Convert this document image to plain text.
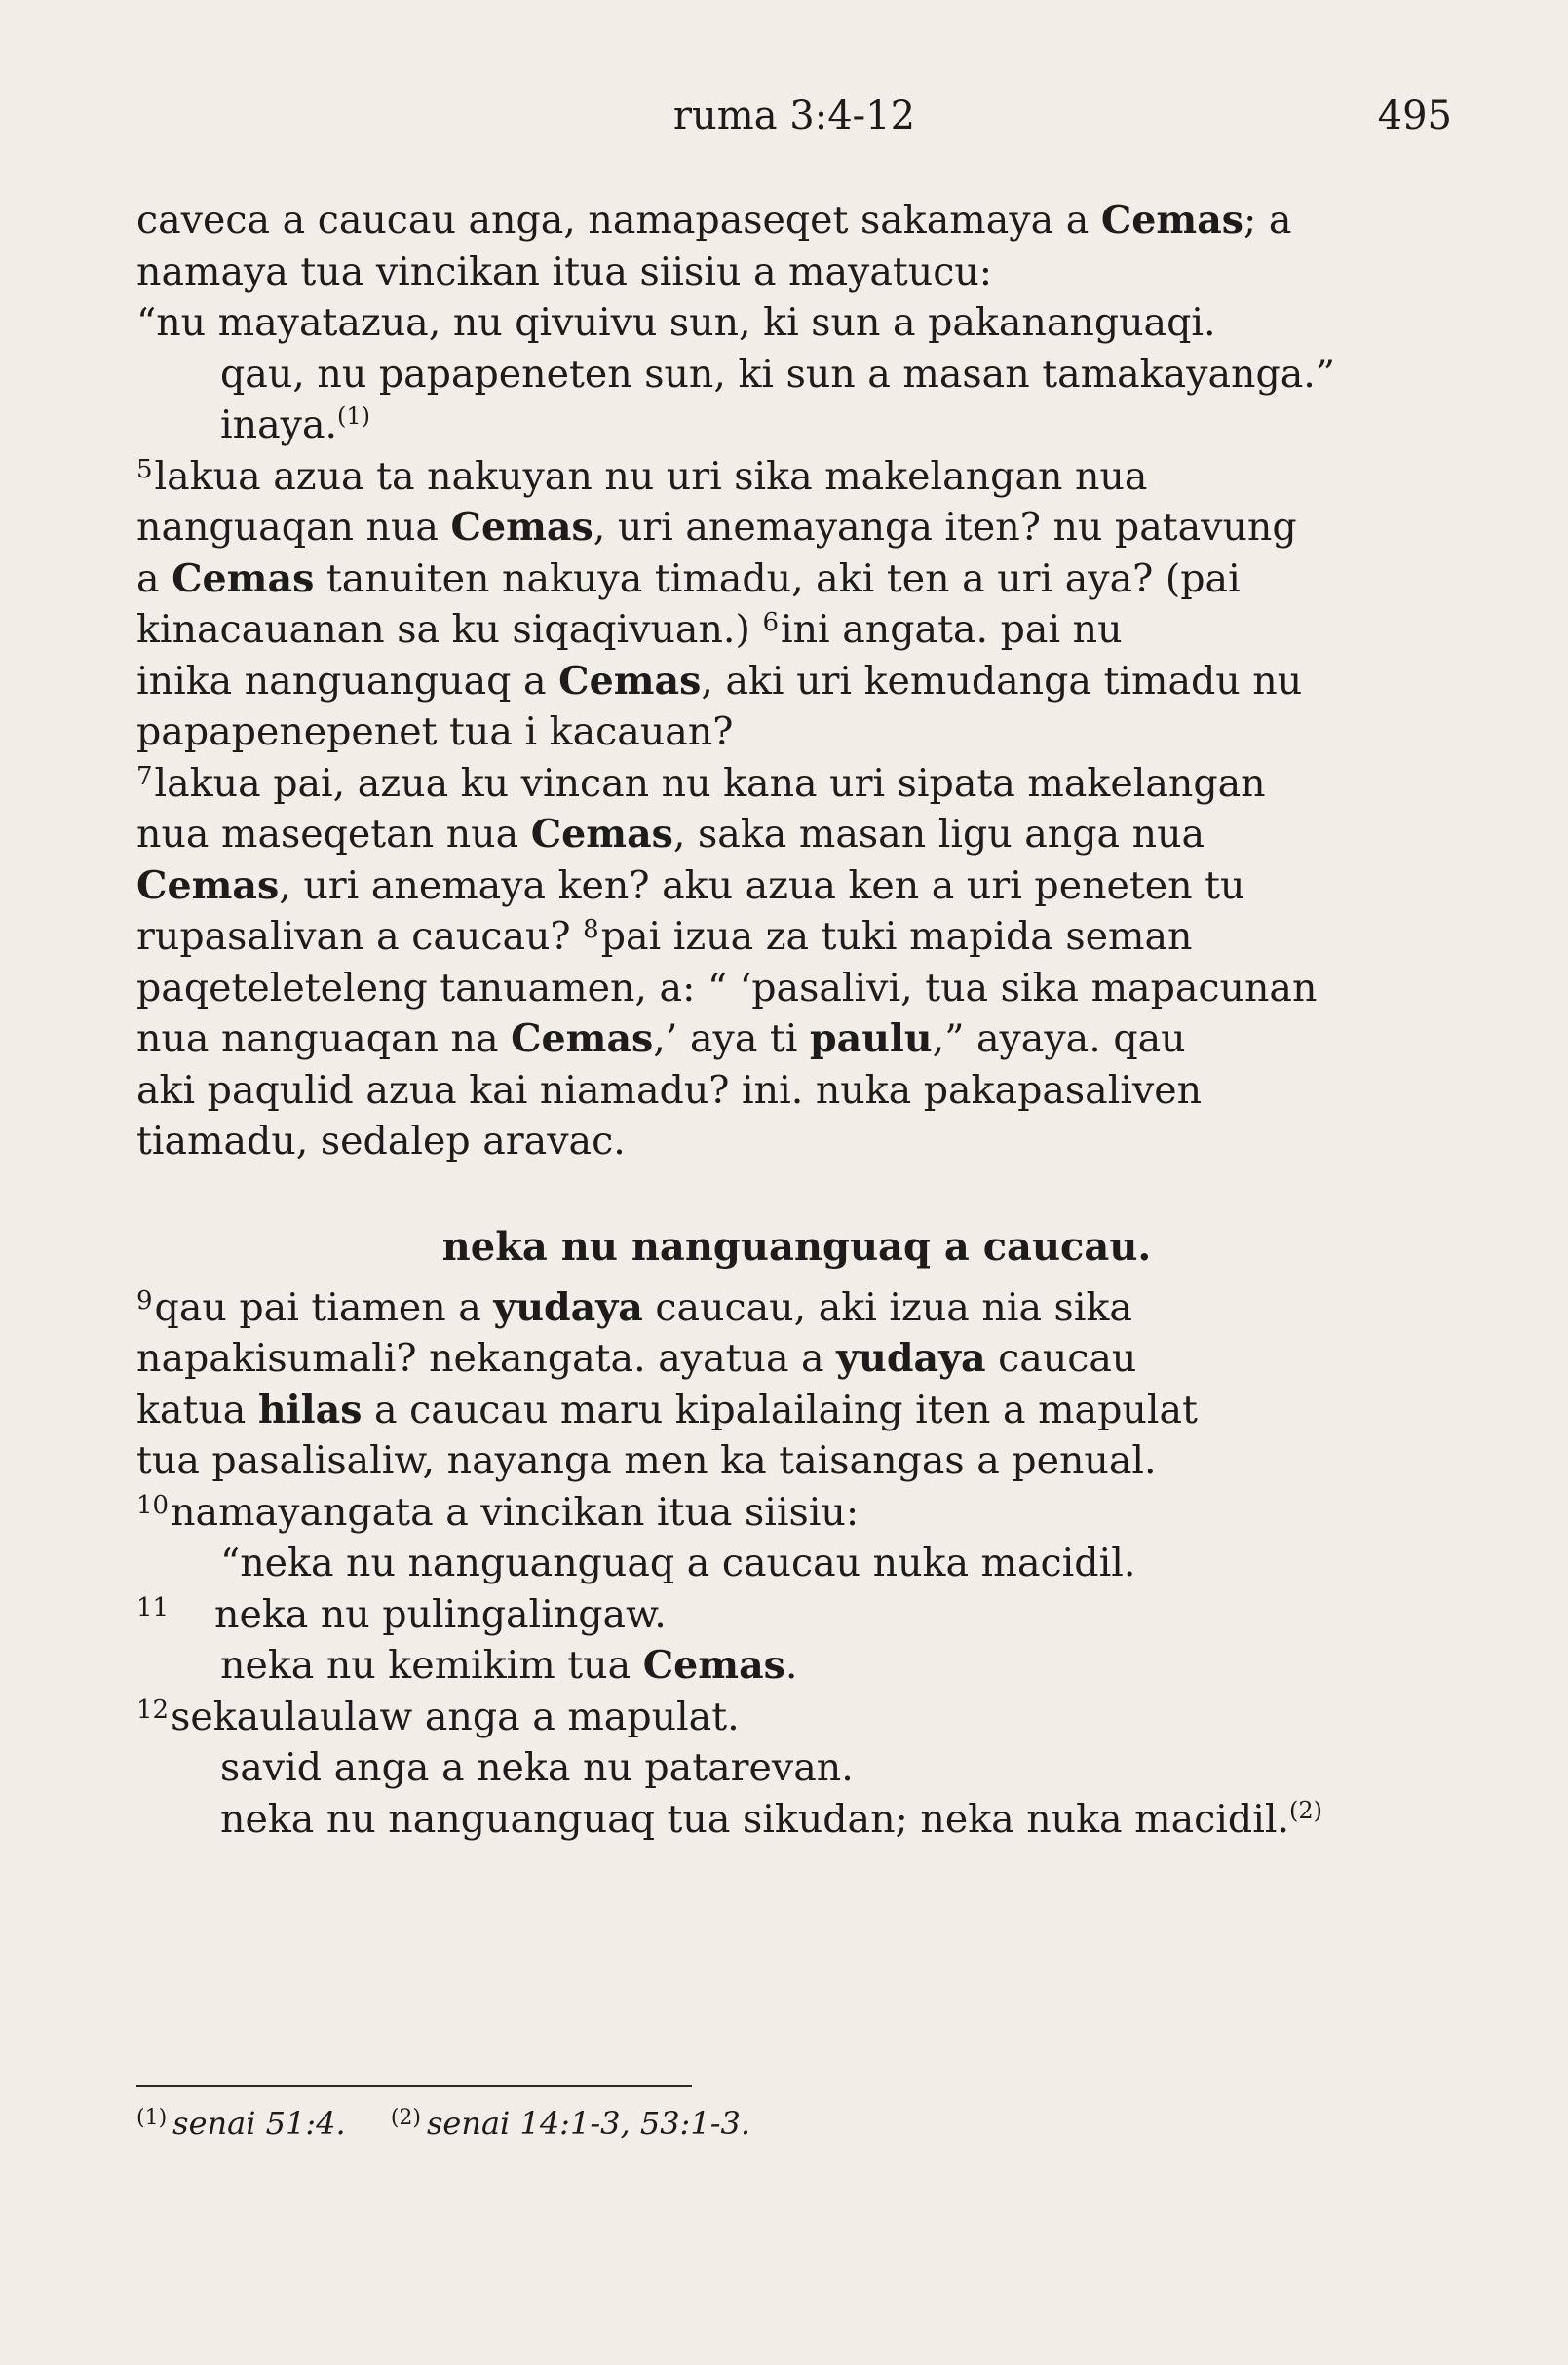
ruma 3:4-12	495
caveca a caucau anga, namapaseqet sakamaya a Cemas; a
namaya tua vincikan itua siisiu a mayatucu:
“nu mayatazua, nu qivuivu sun, ki sun a pakananguaqi.
qau, nu papapeneten sun, ki sun a masan tamakayanga.”
inaya.$^{(1)}$
$^5$lakua azua ta nakuyan nu uri sika makelangan nua
nanguaqan nua Cemas, uri anemayanga iten? nu patavung
a Cemas tanuiten nakuya timadu, aki ten a uri aya? (pai
kinacauanan sa ku siqaqivuan.) $^6$ini angata. pai nu
inika nanguanguaq a Cemas, aki uri kemudanga timadu nu
papapenepenet tua i kacauan?
$^7$lakua pai, azua ku vincan nu kana uri sipata makelangan
nua maseqetan nua Cemas, saka masan ligu anga nua
Cemas, uri anemaya ken? aku azua ken a uri peneten tu
rupasalivan a caucau? $^8$pai izua za tuki mapida seman
paqeteleteleng tanuamen, a: “ ‘pasalivi, tua sika mapacunan
nua nanguaqan na Cemas,’ aya ti paulu,” ayaya. qau
aki paqulid azua kai niamadu? ini. nuka pakapasaliven
tiamadu, sedalep aravac.
neka nu nanguanguaq a caucau.
$^9$qau pai tiamen a yudaya caucau, aki izua nia sika
napakisumali? nekangata. ayatua a yudaya caucau
katua hilas a caucau maru kipalailaing iten a mapulat
tua pasalisaliw, nayanga men ka taisangas a penual.
$^{10}$namayangata a vincikan itua siisiu:
“neka nu nanguanguaq a caucau nuka macidil.
11 neka nu pulingalingaw.
neka nu kemikim tua Cemas.
$^{12}$sekaulaulaw anga a mapulat.
savid anga a neka nu patarevan.
neka nu nanguanguaq tua sikudan; neka nuka macidil.$^{(2)}$
$^{(1)}$ senai 51:4. $^{(2)}$ senai 14:1-3, 53:1-3.
